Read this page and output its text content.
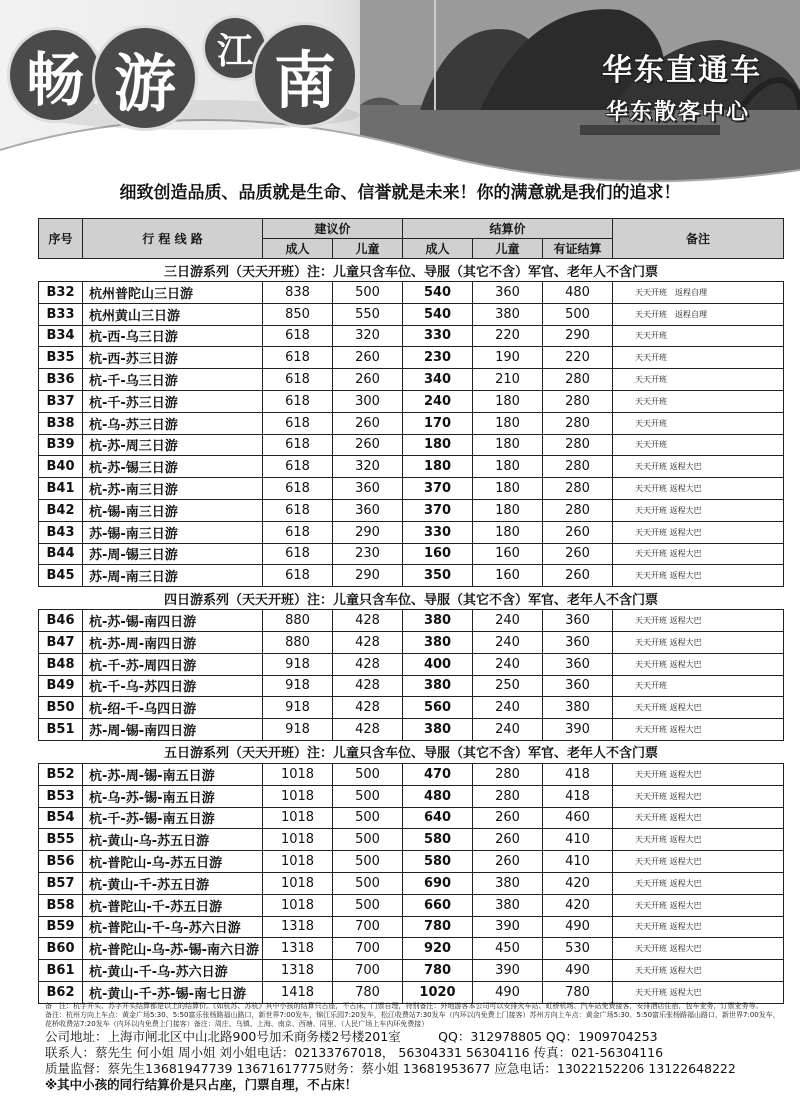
畅 游	江 南	华东直通车
华东散客中心
细致创造品质、品质就是生命、信誉就是未来！你的满意就是我们的追求！
序号	行 程 线 路	建议价		结算价			备注
		成人	儿童	成人	儿童	有证结算	
三日游系列（天天开班）注：儿童只含车位、导服（其它不含）军官、老年人不含门票							
B32	杭州普陀山三日游	838	500	540	360	480	天天开班　返程自理
B33	杭州黄山三日游	850	550	540	380	500	天天开班　返程自理
B34	杭-西-乌三日游	618	320	330	220	290	天天开班
B35	杭-西-苏三日游	618	260	230	190	220	天天开班
B36	杭-千-乌三日游	618	260	340	210	280	天天开班
B37	杭-千-苏三日游	618	300	240	180	280	天天开班
B38	杭-乌-苏三日游	618	260	170	180	280	天天开班
B39	杭-苏-周三日游	618	260	180	180	280	天天开班
B40	杭-苏-锡三日游	618	320	180	180	280	天天开班 返程大巴
B41	杭-苏-南三日游	618	360	370	180	280	天天开班 返程大巴
B42	杭-锡-南三日游	618	360	370	180	280	天天开班 返程大巴
B43	苏-锡-南三日游	618	290	330	180	260	天天开班 返程大巴
B44	苏-周-锡三日游	618	230	160	160	260	天天开班 返程大巴
B45	苏-周-南三日游	618	290	350	160	260	天天开班 返程大巴
四日游系列（天天开班）注：儿童只含车位、导服（其它不含）军官、老年人不含门票							
B46	杭-苏-锡-南四日游	880	428	380	240	360	天天开班 返程大巴
B47	杭-苏-周-南四日游	880	428	380	240	360	天天开班 返程大巴
B48	杭-千-苏-周四日游	918	428	400	240	360	天天开班 返程大巴
B49	杭-千-乌-苏四日游	918	428	380	250	360	天天开班
B50	杭-绍-千-乌四日游	918	428	560	240	380	天天开班 返程大巴
B51	苏-周-锡-南四日游	918	428	380	240	390	天天开班 返程大巴
五日游系列（天天开班）注：儿童只含车位、导服（其它不含）军官、老年人不含门票							
B52	杭-苏-周-锡-南五日游	1018	500	470	280	418	天天开班 返程大巴
B53	杭-乌-苏-锡-南五日游	1018	500	480	280	418	天天开班 返程大巴
B54	杭-千-苏-锡-南五日游	1018	500	640	260	460	天天开班 返程大巴
B55	杭-黄山-乌-苏五日游	1018	500	580	260	410	天天开班 返程大巴
B56	杭-普陀山-乌-苏五日游	1018	500	580	260	410	天天开班 返程大巴
B57	杭-黄山-千-苏五日游	1018	500	690	380	420	天天开班 返程大巴
B58	杭-普陀山-千-苏五日游	1018	500	660	380	420	天天开班 返程大巴
B59	杭-普陀山-千-乌-苏六日游	1318	700	780	390	490	天天开班 返程大巴
B60	杭-普陀山-乌-苏-锡-南六日游	1318	700	920	450	530	天天开班 返程大巴
B61	杭-黄山-千-乌-苏六日游	1318	700	780	390	490	天天开班 返程大巴
B62	杭-黄山-千-苏-锡-南七日游	1418	780	1020	490	780	天天开班 返程大巴
备　注：杭字开头、苏字开头结算都是以上的结算价。《如杭苏、苏杭》其中小孩的结算只占座，不占床，门票自理，特别备注：外地游客本公司可以安排火车站、虹桥机场、汽车站免费接客，安排酒店住宿，包车业务，订票业务等。
备注：杭州方向上车点：黄金广场5:30、5:50富乐张杨路福山路口，新世界7:00发车，锦江乐园7:20发车，松江收费站7:30发车（内环以内免费上门接客）苏州方向上车点：黄金广场5:30、5:50富乐张杨路福山路口，新世界7:00发车，
花桥收费站7:20发车（内环以内免费上门接客）备注：周庄、乌镇、上海、南京、西塘、同里、（人民广场上车内环免费接）
公司地址：上海市闸北区中山北路900号加禾商务楼2号楼201室　　　QQ：312978805 QQ：1909704253
联系人：蔡先生 何小姐 周小姐 刘小姐电话：02133767018， 56304331 56304116 传真：021-56304116
质量监督：蔡先生13681947739 13671617775财务：蔡小姐 13681953677 应急电话：13022152206 13122648222
※其中小孩的同行结算价是只占座，门票自理，不占床！
